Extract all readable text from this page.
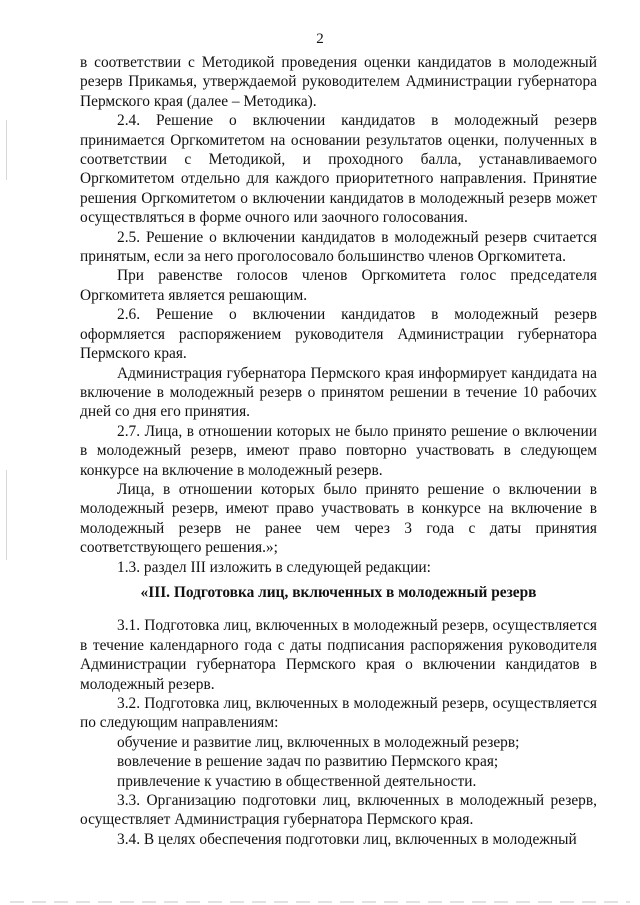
2

в соответствии с Методикой проведения оценки кандидатов в молодежный резерв Прикамья, утверждаемой руководителем Администрации губернатора Пермского края (далее – Методика).

2.4. Решение о включении кандидатов в молодежный резерв принимается Оргкомитетом на основании результатов оценки, полученных в соответствии с Методикой, и проходного балла, устанавливаемого Оргкомитетом отдельно для каждого приоритетного направления. Принятие решения Оргкомитетом о включении кандидатов в молодежный резерв может осуществляться в форме очного или заочного голосования.

2.5. Решение о включении кандидатов в молодежный резерв считается принятым, если за него проголосовало большинство членов Оргкомитета.

При равенстве голосов членов Оргкомитета голос председателя Оргкомитета является решающим.

2.6. Решение о включении кандидатов в молодежный резерв оформляется распоряжением руководителя Администрации губернатора Пермского края.

Администрация губернатора Пермского края информирует кандидата на включение в молодежный резерв о принятом решении в течение 10 рабочих дней со дня его принятия.

2.7. Лица, в отношении которых не было принято решение о включении в молодежный резерв, имеют право повторно участвовать в следующем конкурсе на включение в молодежный резерв.

Лица, в отношении которых было принято решение о включении в молодежный резерв, имеют право участвовать в конкурсе на включение в молодежный резерв не ранее чем через 3 года с даты принятия соответствующего решения.»;

1.3. раздел III изложить в следующей редакции:

«III. Подготовка лиц, включенных в молодежный резерв

3.1. Подготовка лиц, включенных в молодежный резерв, осуществляется в течение календарного года с даты подписания распоряжения руководителя Администрации губернатора Пермского края о включении кандидатов в молодежный резерв.

3.2. Подготовка лиц, включенных в молодежный резерв, осуществляется по следующим направлениям:

обучение и развитие лиц, включенных в молодежный резерв;

вовлечение в решение задач по развитию Пермского края;

привлечение к участию в общественной деятельности.

3.3. Организацию подготовки лиц, включенных в молодежный резерв, осуществляет Администрация губернатора Пермского края.

3.4. В целях обеспечения подготовки лиц, включенных в молодежный
